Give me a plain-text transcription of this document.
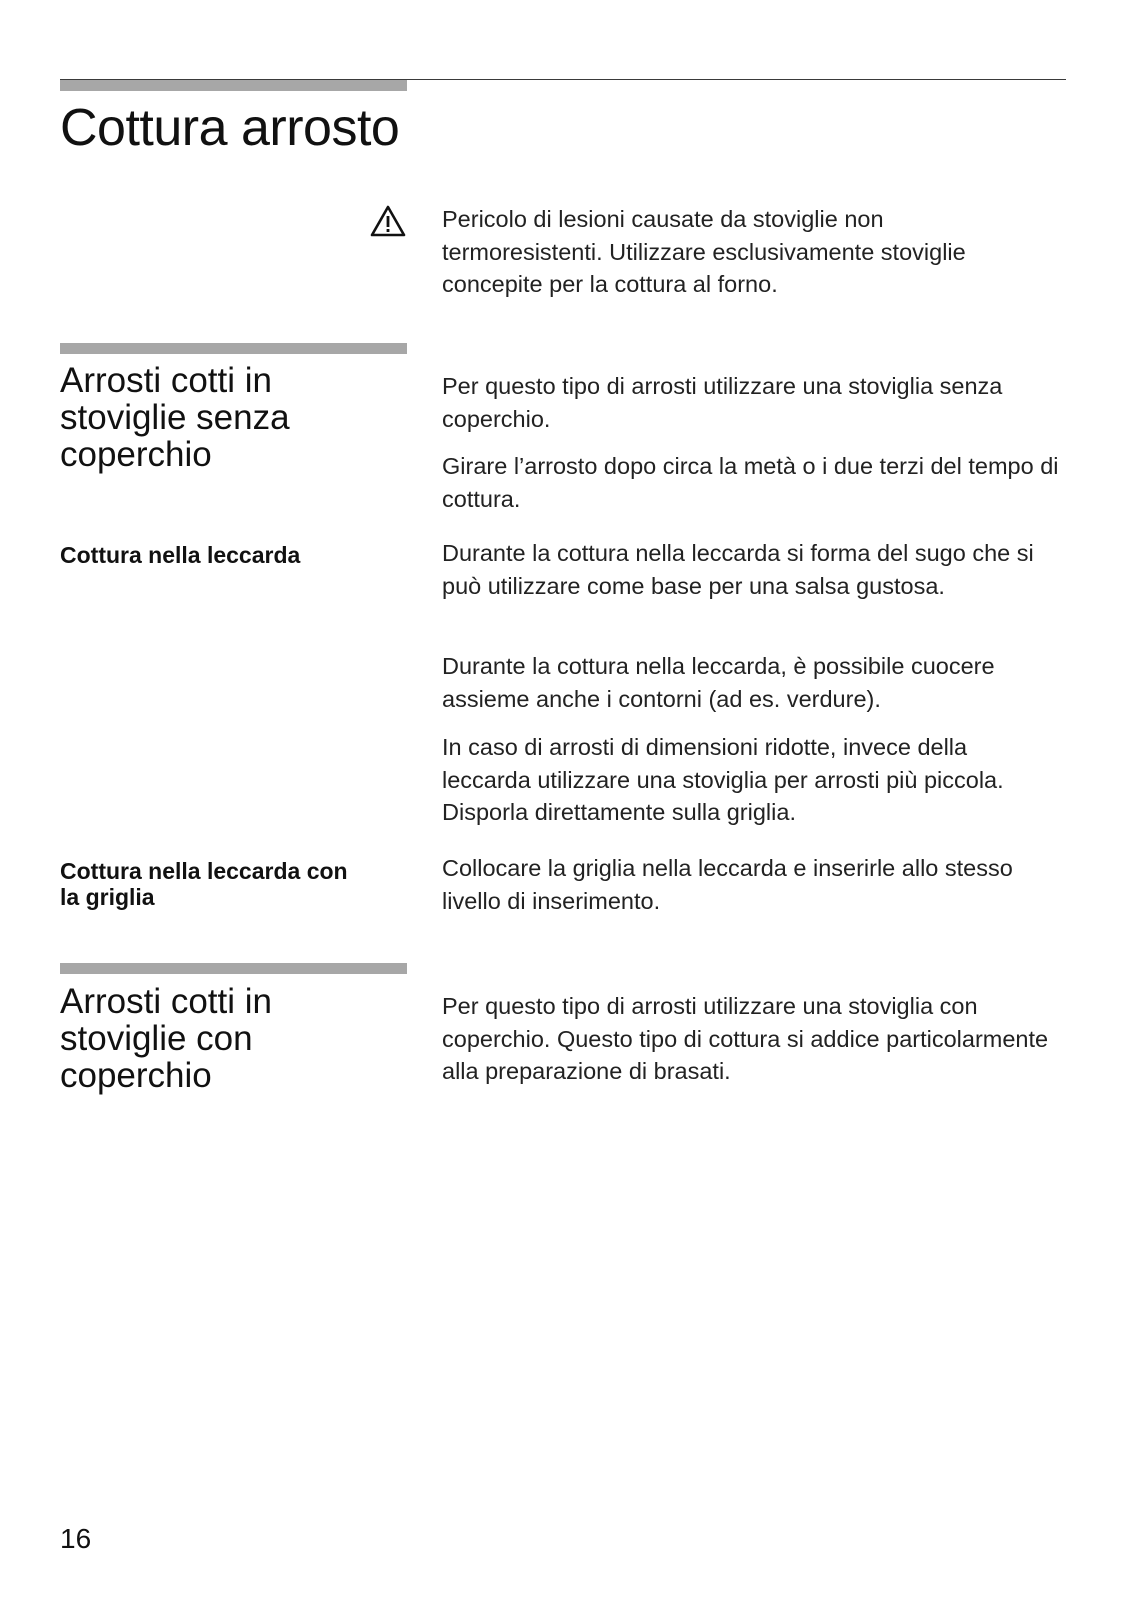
Cottura arrosto

Pericolo di lesioni causate da stoviglie non termoresistenti. Utilizzare esclusivamente stoviglie concepite per la cottura al forno.

Arrosti cotti in stoviglie senza coperchio

Per questo tipo di arrosti utilizzare una stoviglia senza coperchio.

Girare l’arrosto dopo circa la metà o i due terzi del tempo di cottura.

Cottura nella leccarda	Durante la cottura nella leccarda si forma del sugo che si può utilizzare come base per una salsa gustosa.

Durante la cottura nella leccarda, è possibile cuocere assieme anche i contorni (ad es. verdure).

In caso di arrosti di dimensioni ridotte, invece della leccarda utilizzare una stoviglia per arrosti più piccola. Disporla direttamente sulla griglia.

Cottura nella leccarda con la griglia

Collocare la griglia nella leccarda e inserirle allo stesso livello di inserimento.

Arrosti cotti in stoviglie con coperchio

Per questo tipo di arrosti utilizzare una stoviglia con coperchio. Questo tipo di cottura si addice particolarmente alla preparazione di brasati.

16
